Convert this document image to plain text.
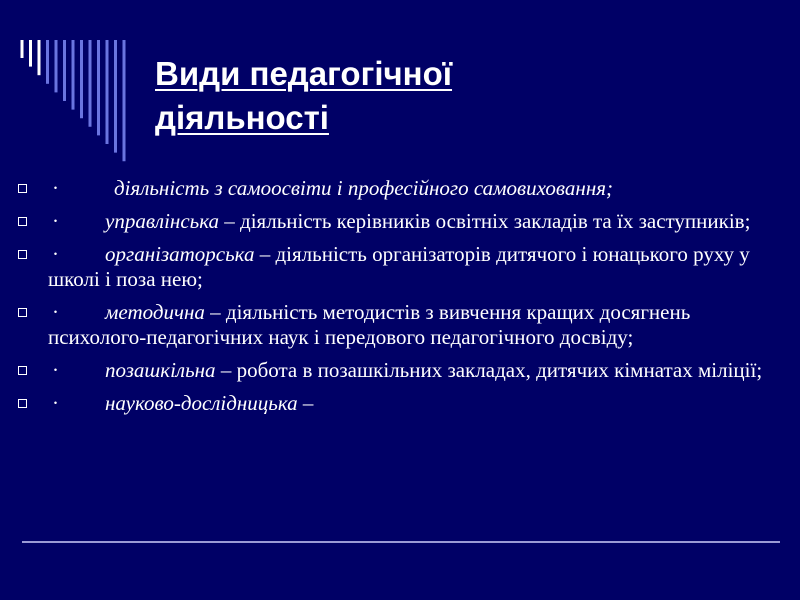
Види педагогічної
діяльності
·	діяльність з самоосвіти і професійного самовиховання;
· управлінська – діяльність керівників освітніх закладів та їх заступників;
· організаторська – діяльність організаторів дитячого і юнацького руху у школі і поза нею;
· методична – діяльність методистів з вивчення кращих досягнень психолого-педагогічних наук і передового педагогічного досвіду;
· позашкільна – робота в позашкільних закладах, дитячих кімнатах міліції;
· науково-дослідницька –
